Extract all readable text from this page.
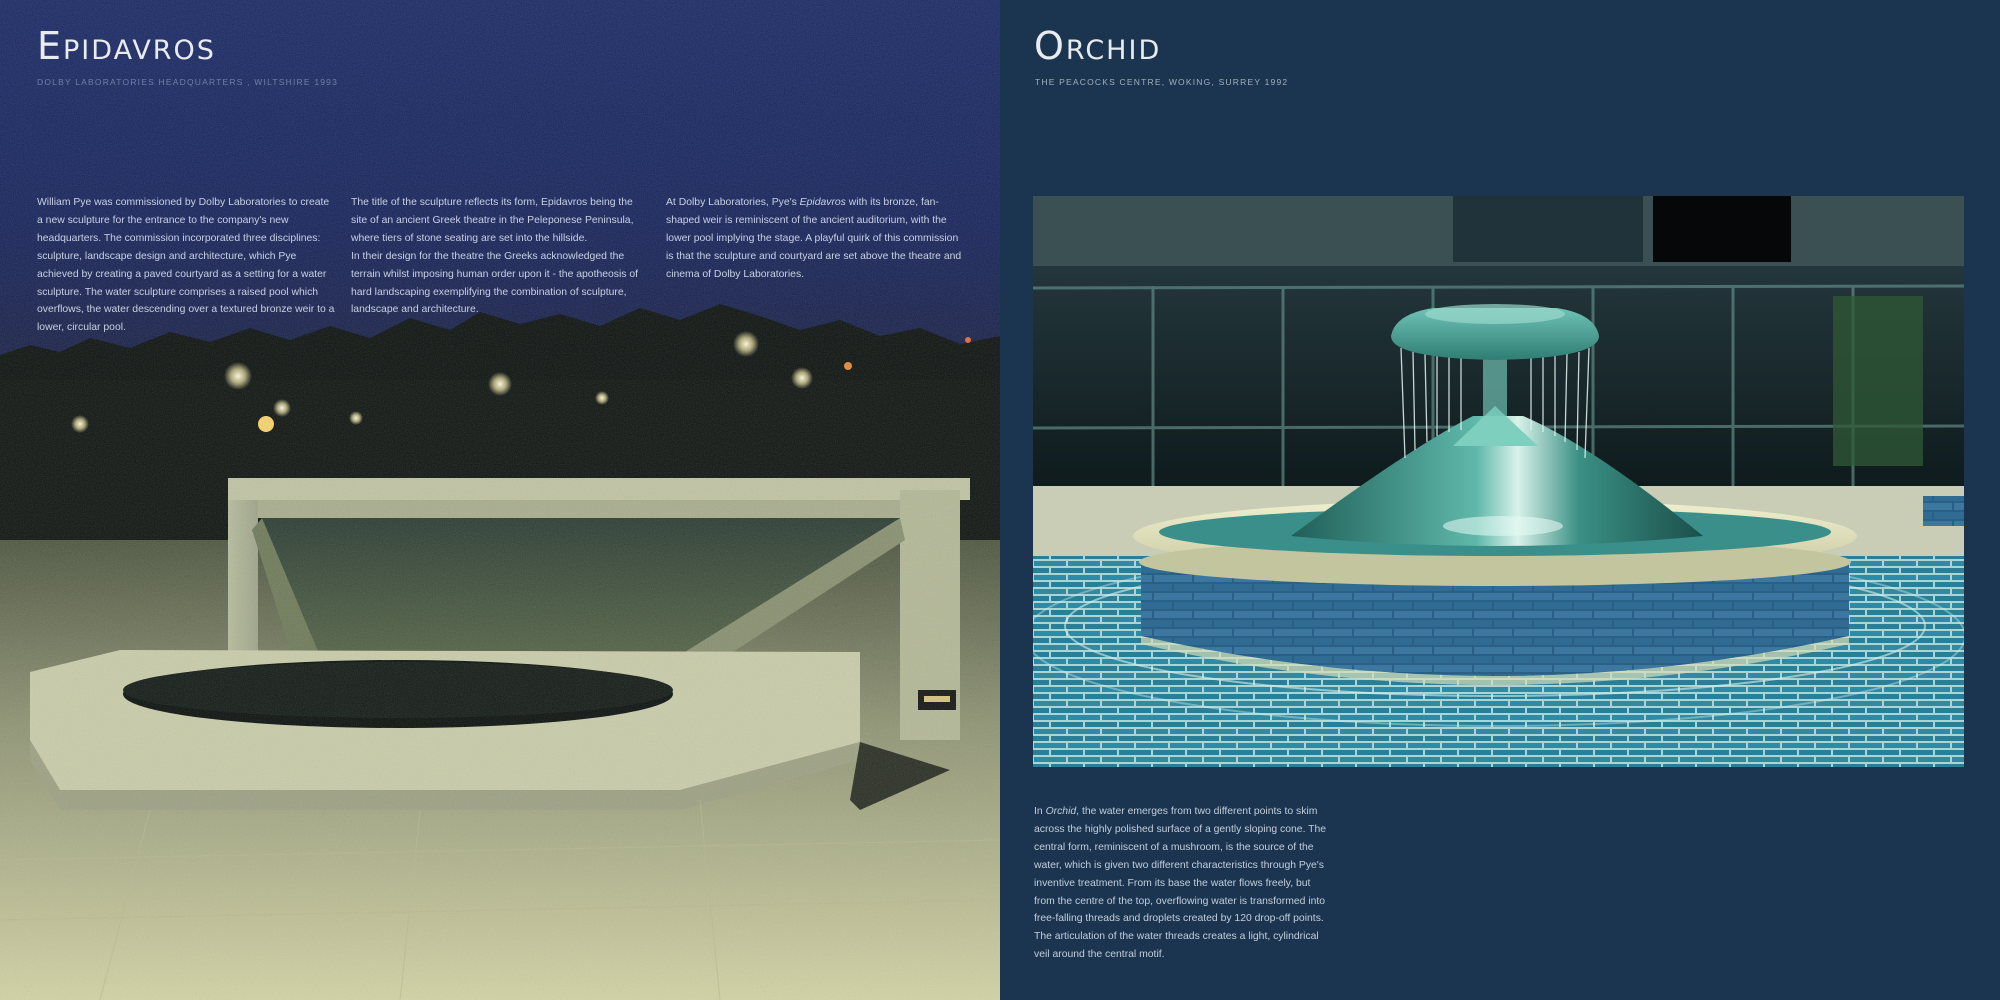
Epidavros
DOLBY LABORATORIES HEADQUARTERS , WILTSHIRE 1993

William Pye was commissioned by Dolby Laboratories to create a new sculpture for the entrance to the company's new headquarters. The commission incorporated three disciplines: sculpture, landscape design and architecture, which Pye achieved by creating a paved courtyard as a setting for a water sculpture. The water sculpture comprises a raised pool which overflows, the water descending over a textured bronze weir to a lower, circular pool.

The title of the sculpture reflects its form, Epidavros being the site of an ancient Greek theatre in the Peleponese Peninsula, where tiers of stone seating are set into the hillside.

In their design for the theatre the Greeks acknowledged the terrain whilst imposing human order upon it - the apotheosis of hard landscaping exemplifying the combination of sculpture, landscape and architecture.

At Dolby Laboratories, Pye's Epidavros with its bronze, fan-shaped weir is reminiscent of the ancient auditorium, with the lower pool implying the stage. A playful quirk of this commission is that the sculpture and courtyard are set above the theatre and cinema of Dolby Laboratories.

Orchid
THE PEACOCKS CENTRE, WOKING, SURREY 1992

In Orchid, the water emerges from two different points to skim across the highly polished surface of a gently sloping cone. The central form, reminiscent of a mushroom, is the source of the water, which is given two different characteristics through Pye's inventive treatment. From its base the water flows freely, but from the centre of the top, overflowing water is transformed into free-falling threads and droplets created by 120 drop-off points. The articulation of the water threads creates a light, cylindrical veil around the central motif.
